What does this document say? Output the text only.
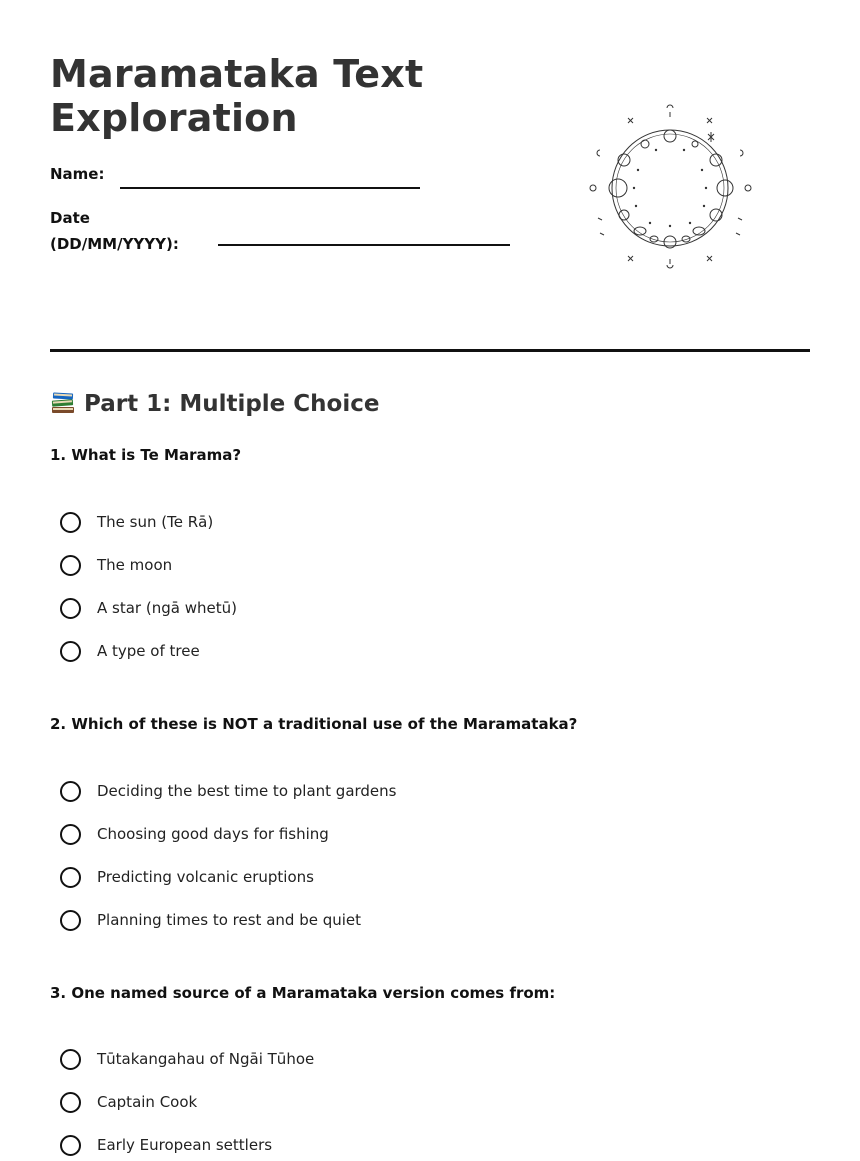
Maramataka Text Exploration
Name:
Date
(DD/MM/YYYY):
Part 1: Multiple Choice

1. What is Te Marama?

The sun (Te Rā)
The moon
A star (ngā whetū)
A type of tree

2. Which of these is NOT a traditional use of the Maramataka?

Deciding the best time to plant gardens
Choosing good days for fishing
Predicting volcanic eruptions
Planning times to rest and be quiet

3. One named source of a Maramataka version comes from:

Tūtakangahau of Ngāi Tūhoe
Captain Cook
Early European settlers
